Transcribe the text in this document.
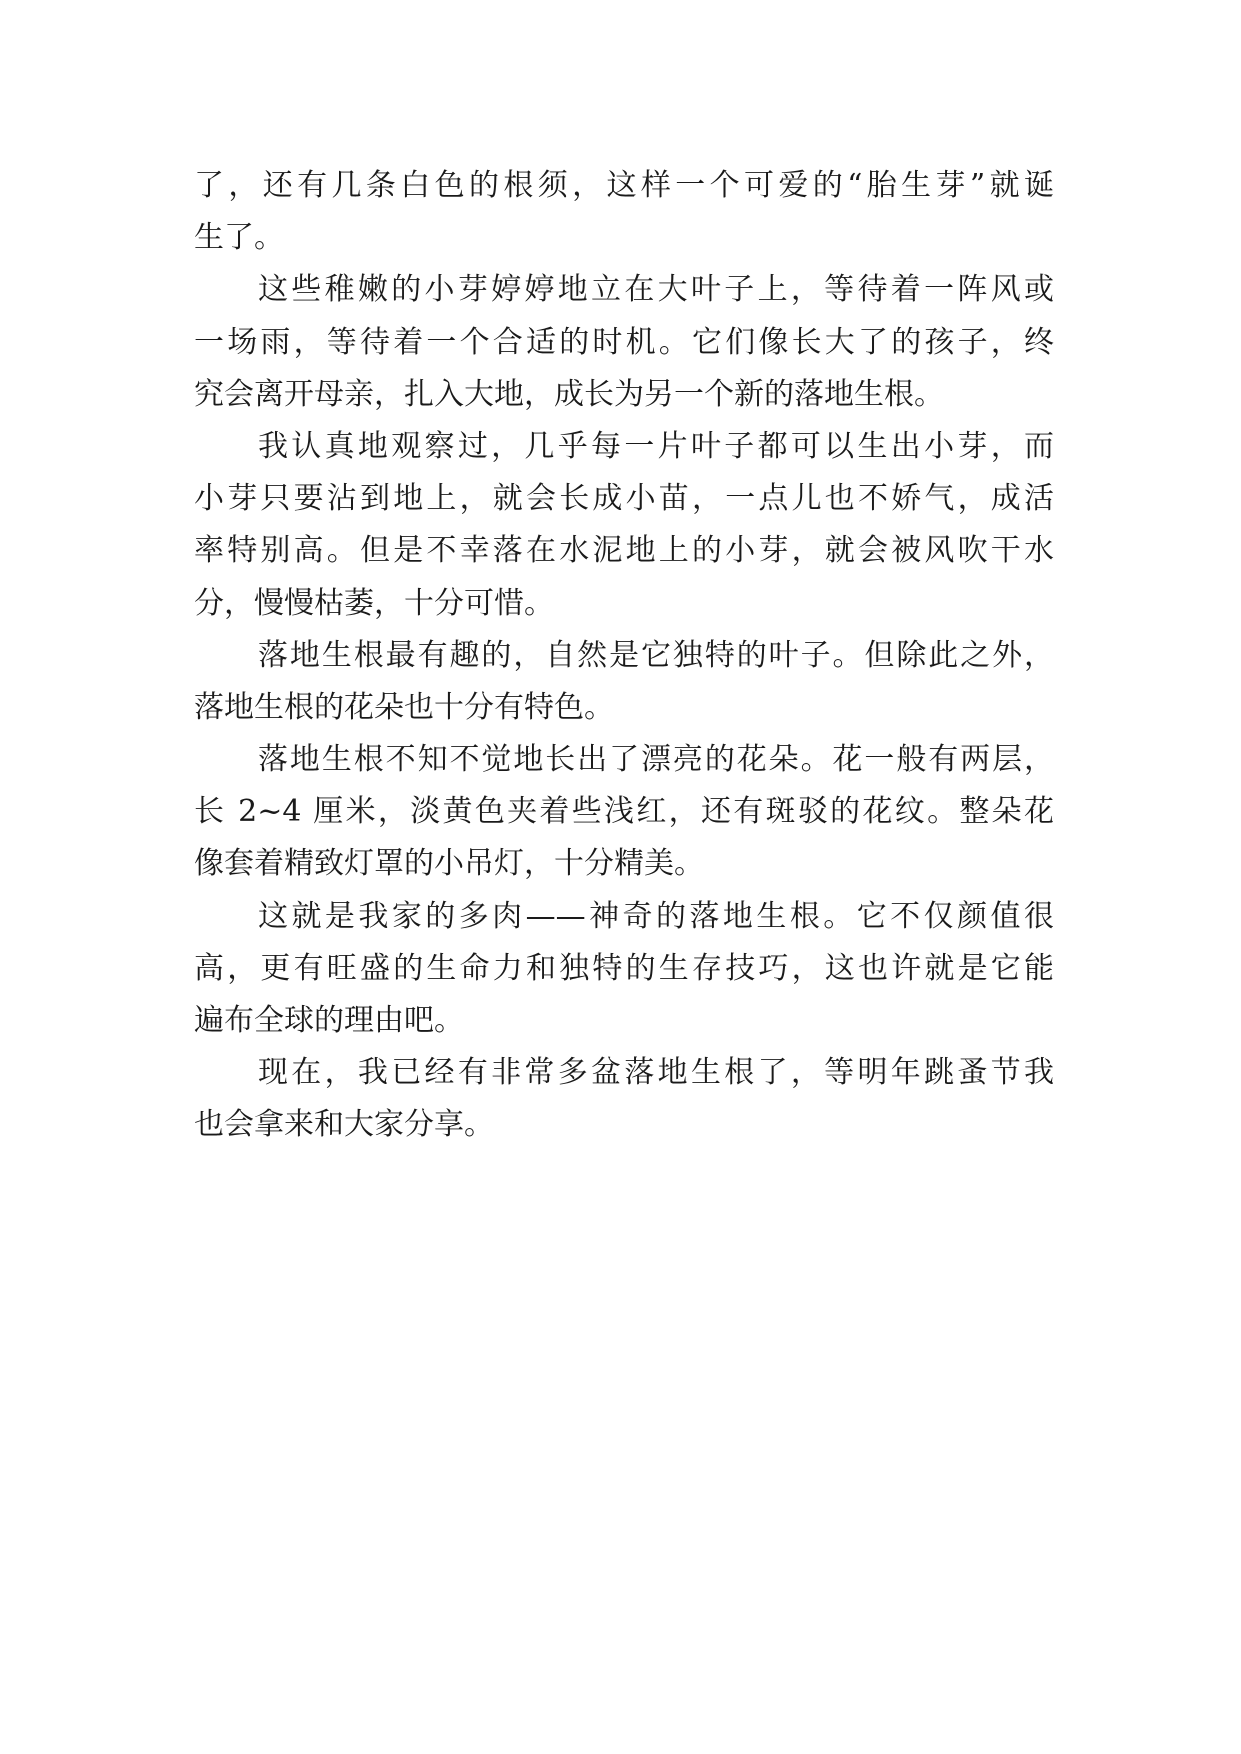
了，还有几条白色的根须，这样一个可爱的“胎生芽”就诞
生了。
这些稚嫩的小芽婷婷地立在大叶子上，等待着一阵风或
一场雨，等待着一个合适的时机。它们像长大了的孩子，终
究会离开母亲，扎入大地，成长为另一个新的落地生根。
我认真地观察过，几乎每一片叶子都可以生出小芽，而
小芽只要沾到地上，就会长成小苗，一点儿也不娇气，成活
率特别高。但是不幸落在水泥地上的小芽，就会被风吹干水
分，慢慢枯萎，十分可惜。
落地生根最有趣的，自然是它独特的叶子。但除此之外，
落地生根的花朵也十分有特色。
落地生根不知不觉地长出了漂亮的花朵。花一般有两层，
长 2~4 厘米，淡黄色夹着些浅红，还有斑驳的花纹。整朵花
像套着精致灯罩的小吊灯，十分精美。
这就是我家的多肉——神奇的落地生根。它不仅颜值很
高，更有旺盛的生命力和独特的生存技巧，这也许就是它能
遍布全球的理由吧。
现在，我已经有非常多盆落地生根了，等明年跳蚤节我
也会拿来和大家分享。
